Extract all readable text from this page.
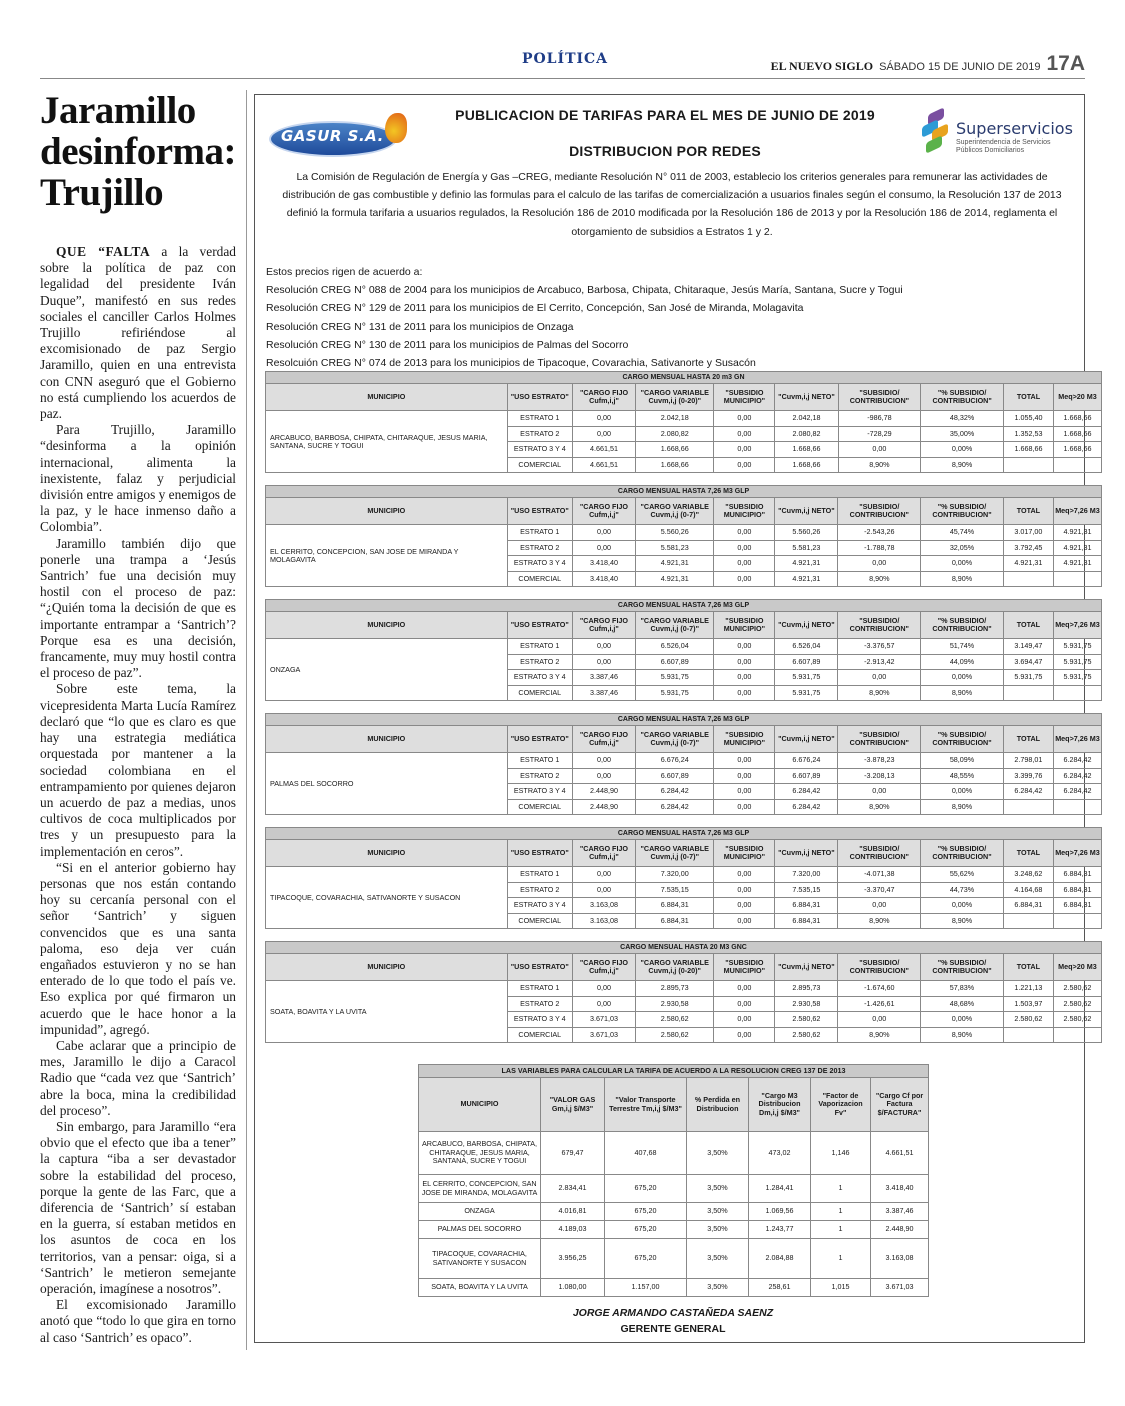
POLÍTICA	EL NUEVO SIGLO SÁBADO 15 DE JUNIO DE 2019 17A
Jaramillo desinforma: Trujillo

QUE “FALTA a la verdad sobre la política de paz con legalidad del presidente Iván Duque”, manifestó en sus redes sociales el canciller Carlos Holmes Trujillo refiriéndose al excomisionado de paz Sergio Jaramillo, quien en una entrevista con CNN aseguró que el Gobierno no está cumpliendo los acuerdos de paz.

Para Trujillo, Jaramillo “desinforma a la opinión internacional, alimenta la inexistente, falaz y perjudicial división entre amigos y enemigos de la paz, y le hace inmenso daño a Colombia”.

Jaramillo también dijo que ponerle una trampa a ‘Jesús Santrich’ fue una decisión muy hostil con el proceso de paz: “¿Quién toma la decisión de que es importante entrampar a ‘Santrich’? Porque esa es una decisión, francamente, muy muy hostil contra el proceso de paz”.

Sobre este tema, la vicepresidenta Marta Lucía Ramírez declaró que “lo que es claro es que hay una estrategia mediática orquestada por mantener a la sociedad colombiana en el entrampamiento por quienes dejaron un acuerdo de paz a medias, unos cultivos de coca multiplicados por tres y un presupuesto para la implementación en ceros”.

“Si en el anterior gobierno hay personas que nos están contando hoy su cercanía personal con el señor ‘Santrich’ y siguen convencidos que es una santa paloma, eso deja ver cuán engañados estuvieron y no se han enterado de lo que todo el país ve. Eso explica por qué firmaron un acuerdo que le hace honor a la impunidad”, agregó.

Cabe aclarar que a principio de mes, Jaramillo le dijo a Caracol Radio que “cada vez que ‘Santrich’ abre la boca, mina la credibilidad del proceso”.

Sin embargo, para Jaramillo “era obvio que el efecto que iba a tener” la captura “iba a ser devastador sobre la estabilidad del proceso, porque la gente de las Farc, que a diferencia de ‘Santrich’ sí estaban en la guerra, sí estaban metidos en los asuntos de coca en los territorios, van a pensar: oiga, si a ‘Santrich’ le metieron semejante operación, imagínese a nosotros”.

El excomisionado Jaramillo anotó que “todo lo que gira en torno al caso ‘Santrich’ es opaco”.

GASUR S.A.	Superservicios
Superintendencia de Servicios Públicos Domiciliarios
PUBLICACION DE TARIFAS PARA EL MES DE JUNIO DE 2019
DISTRIBUCION POR REDES
La Comisión de Regulación de Energía y Gas –CREG, mediante Resolución N° 011 de 2003, establecio los criterios generales para remunerar las actividades de distribución de gas combustible y definio las formulas para el calculo de las tarifas de comercialización a usuarios finales según el consumo, la Resolución 137 de 2013 definió la formula tarifaria a usuarios regulados, la Resolución 186 de 2010 modificada por la Resolución 186 de 2013 y por la Resolución 186 de 2014, reglamenta el otorgamiento de subsidios a Estratos 1 y 2.
Estos precios rigen de acuerdo a:
Resolución CREG N° 088 de 2004 para los municipios de Arcabuco, Barbosa, Chipata, Chitaraque, Jesús María, Santana, Sucre y Togui
Resolución CREG N° 129 de 2011 para los municipios de El Cerrito, Concepción, San José de Miranda, Molagavita
Resolución CREG N° 131 de 2011 para los municipios de Onzaga
Resolución CREG N° 130 de 2011 para los municipios de Palmas del Socorro
Resolcuión CREG N° 074 de 2013 para los municipios de Tipacoque, Covarachia, Sativanorte y Susacón
CARGO MENSUAL HASTA 20 m3 GN									
MUNICIPIO	"USO ESTRATO"	"CARGO FIJO Cufm,i,j"	"CARGO VARIABLE Cuvm,i,j (0-20)"	"SUBSIDIO MUNICIPIO"	"Cuvm,i,j NETO"	"SUBSIDIO/ CONTRIBUCION"	"% SUBSIDIO/ CONTRIBUCION"	TOTAL	Meq>20 M3
ARCABUCO, BARBOSA, CHIPATA, CHITARAQUE, JESUS MARIA, SANTANA, SUCRE Y TOGUI	ESTRATO 1	0,00	2.042,18	0,00	2.042,18	-986,78	48,32%	1.055,40	1.668,66
	ESTRATO 2	0,00	2.080,82	0,00	2.080,82	-728,29	35,00%	1.352,53	1.668,66
	ESTRATO 3 Y 4	4.661,51	1.668,66	0,00	1.668,66	0,00	0,00%	1.668,66	1.668,66
	COMERCIAL	4.661,51	1.668,66	0,00	1.668,66	8,90%	8,90%		
CARGO MENSUAL HASTA 7,26 M3 GLP									
MUNICIPIO	"USO ESTRATO"	"CARGO FIJO Cufm,i,j"	"CARGO VARIABLE Cuvm,i,j (0-7)"	"SUBSIDIO MUNICIPIO"	"Cuvm,i,j NETO"	"SUBSIDIO/ CONTRIBUCION"	"% SUBSIDIO/ CONTRIBUCION"	TOTAL	Meq>7,26 M3
EL CERRITO, CONCEPCION, SAN JOSE DE MIRANDA Y MOLAGAVITA	ESTRATO 1	0,00	5.560,26	0,00	5.560,26	-2.543,26	45,74%	3.017,00	4.921,31
	ESTRATO 2	0,00	5.581,23	0,00	5.581,23	-1.788,78	32,05%	3.792,45	4.921,31
	ESTRATO 3 Y 4	3.418,40	4.921,31	0,00	4.921,31	0,00	0,00%	4.921,31	4.921,31
	COMERCIAL	3.418,40	4.921,31	0,00	4.921,31	8,90%	8,90%		
CARGO MENSUAL HASTA 7,26 M3 GLP									
MUNICIPIO	"USO ESTRATO"	"CARGO FIJO Cufm,i,j"	"CARGO VARIABLE Cuvm,i,j (0-7)"	"SUBSIDIO MUNICIPIO"	"Cuvm,i,j NETO"	"SUBSIDIO/ CONTRIBUCION"	"% SUBSIDIO/ CONTRIBUCION"	TOTAL	Meq>7,26 M3
ONZAGA	ESTRATO 1	0,00	6.526,04	0,00	6.526,04	-3.376,57	51,74%	3.149,47	5.931,75
	ESTRATO 2	0,00	6.607,89	0,00	6.607,89	-2.913,42	44,09%	3.694,47	5.931,75
	ESTRATO 3 Y 4	3.387,46	5.931,75	0,00	5.931,75	0,00	0,00%	5.931,75	5.931,75
	COMERCIAL	3.387,46	5.931,75	0,00	5.931,75	8,90%	8,90%		
CARGO MENSUAL HASTA 7,26 M3 GLP									
MUNICIPIO	"USO ESTRATO"	"CARGO FIJO Cufm,i,j"	"CARGO VARIABLE Cuvm,i,j (0-7)"	"SUBSIDIO MUNICIPIO"	"Cuvm,i,j NETO"	"SUBSIDIO/ CONTRIBUCION"	"% SUBSIDIO/ CONTRIBUCION"	TOTAL	Meq>7,26 M3
PALMAS DEL SOCORRO	ESTRATO 1	0,00	6.676,24	0,00	6.676,24	-3.878,23	58,09%	2.798,01	6.284,42
	ESTRATO 2	0,00	6.607,89	0,00	6.607,89	-3.208,13	48,55%	3.399,76	6.284,42
	ESTRATO 3 Y 4	2.448,90	6.284,42	0,00	6.284,42	0,00	0,00%	6.284,42	6.284,42
	COMERCIAL	2.448,90	6.284,42	0,00	6.284,42	8,90%	8,90%		
CARGO MENSUAL HASTA 7,26 M3 GLP									
MUNICIPIO	"USO ESTRATO"	"CARGO FIJO Cufm,i,j"	"CARGO VARIABLE Cuvm,i,j (0-7)"	"SUBSIDIO MUNICIPIO"	"Cuvm,i,j NETO"	"SUBSIDIO/ CONTRIBUCION"	"% SUBSIDIO/ CONTRIBUCION"	TOTAL	Meq>7,26 M3
TIPACOQUE, COVARACHIA, SATIVANORTE Y SUSACON	ESTRATO 1	0,00	7.320,00	0,00	7.320,00	-4.071,38	55,62%	3.248,62	6.884,31
	ESTRATO 2	0,00	7.535,15	0,00	7.535,15	-3.370,47	44,73%	4.164,68	6.884,31
	ESTRATO 3 Y 4	3.163,08	6.884,31	0,00	6.884,31	0,00	0,00%	6.884,31	6.884,31
	COMERCIAL	3.163,08	6.884,31	0,00	6.884,31	8,90%	8,90%		
CARGO MENSUAL HASTA 20 M3 GNC									
MUNICIPIO	"USO ESTRATO"	"CARGO FIJO Cufm,i,j"	"CARGO VARIABLE Cuvm,i,j (0-20)"	"SUBSIDIO MUNICIPIO"	"Cuvm,i,j NETO"	"SUBSIDIO/ CONTRIBUCION"	"% SUBSIDIO/ CONTRIBUCION"	TOTAL	Meq>20 M3
SOATA, BOAVITA Y LA UVITA	ESTRATO 1	0,00	2.895,73	0,00	2.895,73	-1.674,60	57,83%	1.221,13	2.580,62
	ESTRATO 2	0,00	2.930,58	0,00	2.930,58	-1.426,61	48,68%	1.503,97	2.580,62
	ESTRATO 3 Y 4	3.671,03	2.580,62	0,00	2.580,62	0,00	0,00%	2.580,62	2.580,62
	COMERCIAL	3.671,03	2.580,62	0,00	2.580,62	8,90%	8,90%		
LAS VARIABLES PARA CALCULAR LA TARIFA DE ACUERDO A LA RESOLUCION CREG 137 DE 2013						
MUNICIPIO	"VALOR GAS Gm,i,j $/M3"	"Valor Transporte Terrestre Tm,i,j $/M3"	% Perdida en Distribucion	"Cargo M3 Distribucion Dm,i,j $/M3"	"Factor de Vaporizacion Fv"	"Cargo Cf por Factura $/FACTURA"
ARCABUCO, BARBOSA, CHIPATA, CHITARAQUE, JESUS MARIA, SANTANA, SUCRE Y TOGUI	679,47	407,68	3,50%	473,02	1,146	4.661,51
EL CERRITO, CONCEPCION, SAN JOSE DE MIRANDA, MOLAGAVITA	2.834,41	675,20	3,50%	1.284,41	1	3.418,40
ONZAGA	4.016,81	675,20	3,50%	1.069,56	1	3.387,46
PALMAS DEL SOCORRO	4.189,03	675,20	3,50%	1.243,77	1	2.448,90
TIPACOQUE, COVARACHIA, SATIVANORTE Y SUSACON	3.956,25	675,20	3,50%	2.084,88	1	3.163,08
SOATA, BOAVITA Y LA UVITA	1.080,00	1.157,00	3,50%	258,61	1,015	3.671,03
JORGE ARMANDO CASTAÑEDA SAENZ
GERENTE GENERAL
